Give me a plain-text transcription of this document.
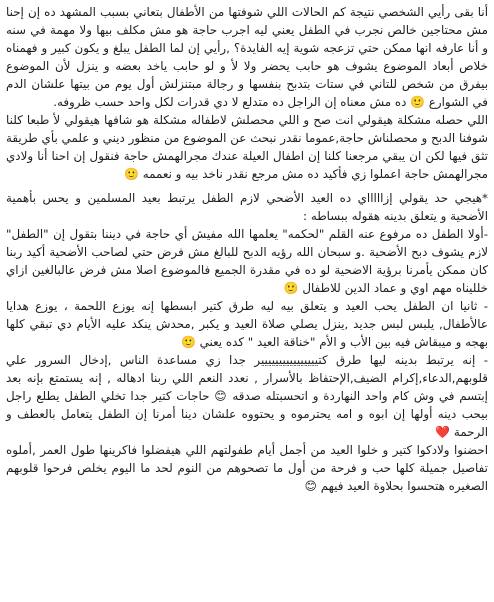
أنا بقى رأيي الشخصي نتيجة كم الحالات اللي شوفتها من الأطفال بتعاني بسبب المشهد ده إن إحنا مش محتاجين خالص نجرب في الطفل يعني ليه اجرب حاجة هو مش مكلف بيها ولا مهمة في سنه و أنا عارفه انها ممكن حتي تزعجه شوية إيه الفايدة؟ ,رأيي إن لما الطفل يبلغ و يكون كبير و فهمناه خلاص أبعاد الموضوع يشوف هو حابب يحضر ولا لأ و لو حابب ياخد بعضه و ينزل لأن الموضوع بيفرق من شخص للتاني في ستات بتدبح بنفسها و رجالة مبتنزلش أول يوم من بيتها علشان الدم في الشوارع 🙂 ده مش معناه إن الراجل ده متدلع لا دي قدرات لكل واحد حسب ظروفه.

اللي حصله مشكلة هيقولي انت صح و اللي محصلش لاطفاله مشكلة هو شافها هيقولي لأ طبعا كلنا شوفنا الدبح و محصلناش حاجة,عموما نقدر نبحث عن الموضوع من منظور ديني و علمي بأي طريقة تثق فيها لكن ان يبقي مرجعنا كلنا إن اطفال العيلة عندك مجرالهمش حاجة فنقول إن احنا أنا ولادي مجرالهمش حاجة اعملوا زي فأكيد ده مش مرجع نقدر ناخد بيه و نعممه 🙂

*هيجي حد يقولي إزاااااي ده العيد الأضحي لازم الطفل يرتبط بعيد المسلمين و يحس بأهمية الأضحية و يتعلق بدينه هقوله ببساطه :

-أولا الطفل ده مرفوع عنه القلم "لحكمه" يعلمها الله مفيش أي حاجة في ديننا بتقول إن "الطفل" لازم يشوف دبح الأضحية .و سبحان الله رؤيه الدبح للبالغ مش فرض حتي لصاحب الأضحية أكيد ربنا كان ممكن يأمرنا برؤية الاضحية لو ده في مقدرة الجميع فالموضوع اصلا مش فرض عالبالغين ازاي خلليناه مهم اوي و عماد الدين للاطفال 🙂

- ثانيا ان الطفل يحب العيد و يتعلق بيه ليه طرق كتير ابسطها إنه يوزع اللحمة ، يوزع هدايا عالأطفال, يلبس لبس جديد ,ينزل يصلي صلاة العيد و يكبر ,محدش ينكد عليه الأيام دي تبقي كلها بهجه و ميبقاش فيه بين الأب و الأم "خناقة العيد " كده يعني 🙂

- إنه يرتبط بدينه ليها طرق كتيييييييييييييييير جدا زي مساعدة الناس ,إدخال السرور علي قلوبهم,الدعاء,إكرام الضيف,الإحتفاظ بالأسرار , نعدد النعم اللي ربنا ادهاله , إنه يستمتع بإنه بعد إبتسم في وش كام واحد النهاردة و اتحسبتله صدقه 😊 حاجات كتير جدا تخلي الطفل يطلع راجل بيحب دينه أولها إن ابوه و امه يحترموه و يحتووه علشان دينا أمرنا إن الطفل يتعامل بالعطف و الرحمة ❤️

احضنوا ولادكوا كتير و خلوا العيد من أجمل أيام طفولتهم اللي هيفضلوا فاكرينها طول العمر ,أملوه تفاصيل جميلة كلها حب و فرحة من أول ما تصحوهم من النوم لحد ما اليوم يخلص فرحوا قلوبهم الصغيره هتحسوا بحلاوة العيد فيهم 😊
